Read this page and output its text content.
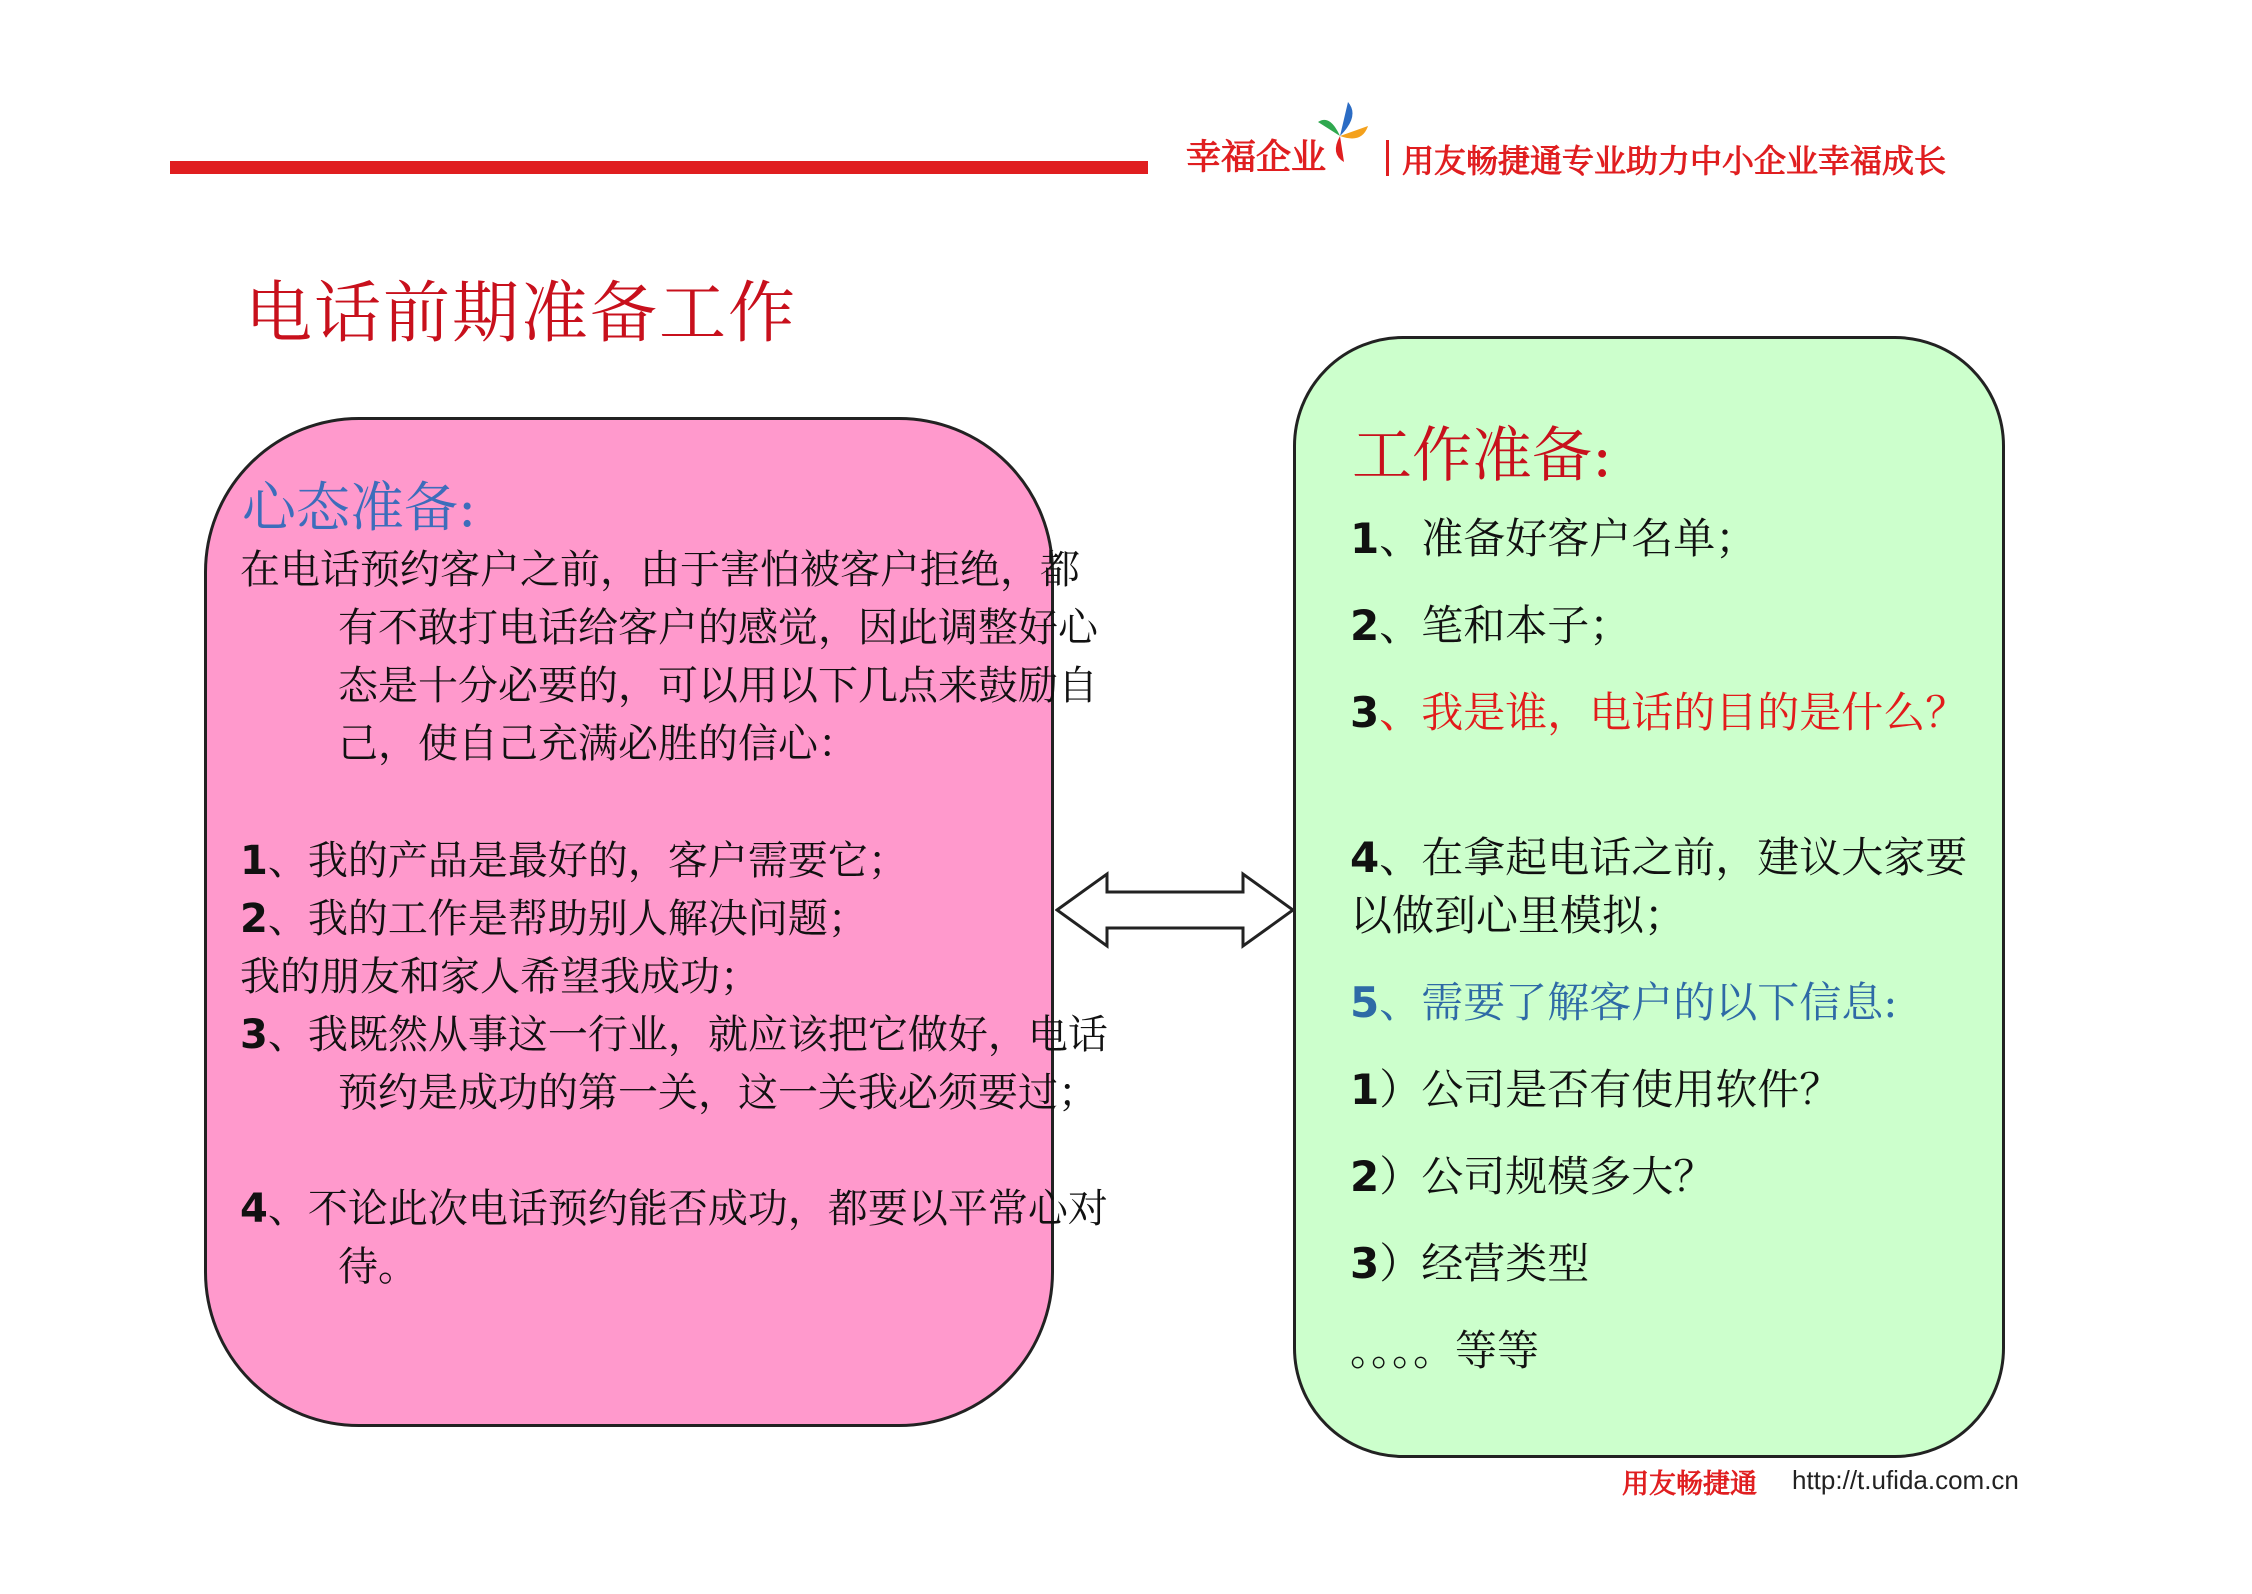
幸福企业 用友畅捷通专业助力中小企业幸福成长
电话前期准备工作
心态准备:
在电话预约客户之前，由于害怕被客户拒绝，都有不敢打电话给客户的感觉，因此调整好心态是十分必要的，可以用以下几点来鼓励自己，使自己充满必胜的信心：
1、我的产品是最好的，客户需要它；
2、我的工作是帮助别人解决问题；
我的朋友和家人希望我成功；
3、我既然从事这一行业，就应该把它做好，电话预约是成功的第一关，这一关我必须要过；
4、不论此次电话预约能否成功，都要以平常心对待。
工作准备:
1、准备好客户名单；
2、笔和本子；
3、我是谁，电话的目的是什么？
4、在拿起电话之前，建议大家要以做到心里模拟；
5、需要了解客户的以下信息:
1）公司是否有使用软件？
2）公司规模多大？
3）经营类型
。。。。等等
用友畅捷通 http://t.ufida.com.cn
